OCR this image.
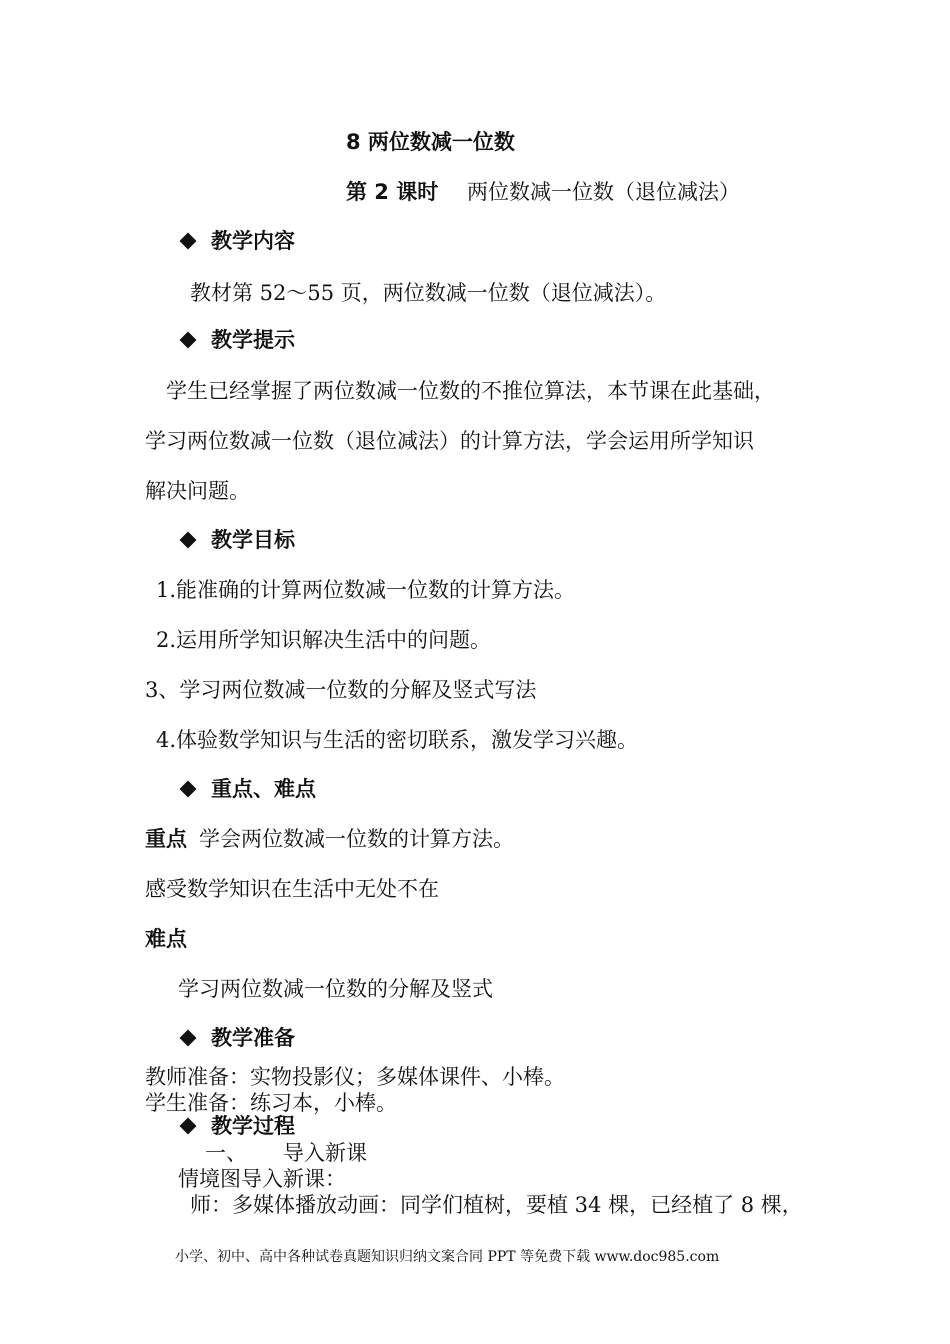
8 两位数减一位数
第 2 课时 两位数减一位数（退位减法）
教学内容
教材第 52～55 页，两位数减一位数（退位减法）。
教学提示
学生已经掌握了两位数减一位数的不推位算法，本节课在此基础，
学习两位数减一位数（退位减法）的计算方法，学会运用所学知识
解决问题。
教学目标
1.能准确的计算两位数减一位数的计算方法。
2.运用所学知识解决生活中的问题。
3、学习两位数减一位数的分解及竖式写法
4.体验数学知识与生活的密切联系，激发学习兴趣。
重点、难点
重点 学会两位数减一位数的计算方法。
感受数学知识在生活中无处不在
难点
学习两位数减一位数的分解及竖式
教学准备
教师准备：实物投影仪；多媒体课件、小棒。
学生准备：练习本，小棒。
教学过程
一、 导入新课
情境图导入新课：
师：多媒体播放动画：同学们植树，要植 34 棵，已经植了 8 棵，
小学、初中、高中各种试卷真题知识归纳文案合同 PPT 等免费下载 www.doc985.com
